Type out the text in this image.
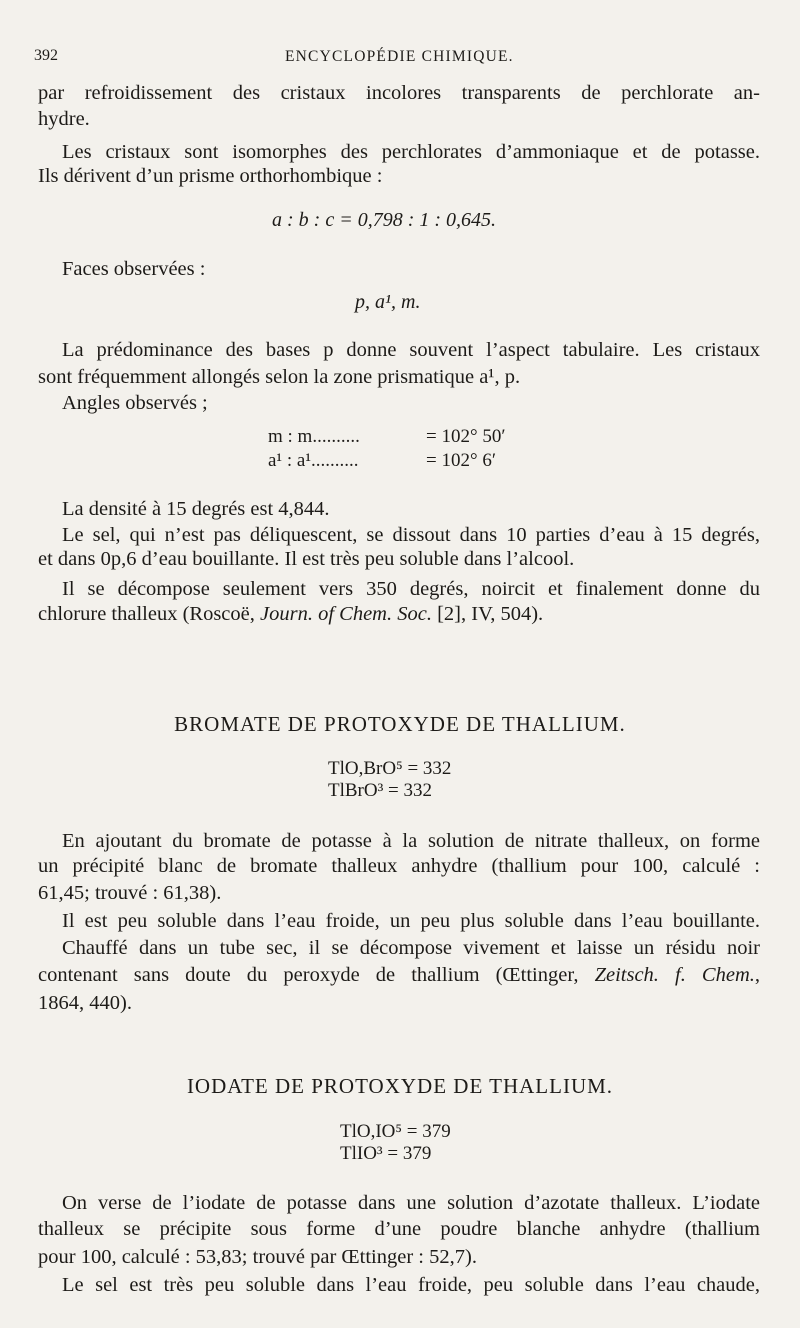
392	ENCYCLOPÉDIE CHIMIQUE.
par refroidissement des cristaux incolores transparents de perchlorate an-
hydre.
Les cristaux sont isomorphes des perchlorates d’ammoniaque et de potasse.
Ils dérivent d’un prisme orthorhombique :
a : b : c = 0,798 : 1 : 0,645.
Faces observées :
p, a¹, m.
La prédominance des bases p donne souvent l’aspect tabulaire. Les cristaux
sont fréquemment allongés selon la zone prismatique a¹, p.
Angles observés ;
m : m..........	= 102° 50′
a¹ : a¹..........	= 102° 6′
La densité à 15 degrés est 4,844.
Le sel, qui n’est pas déliquescent, se dissout dans 10 parties d’eau à 15 degrés,
et dans 0p,6 d’eau bouillante. Il est très peu soluble dans l’alcool.
Il se décompose seulement vers 350 degrés, noircit et finalement donne du
chlorure thalleux (Roscoë, Journ. of Chem. Soc. [2], IV, 504).
BROMATE DE PROTOXYDE DE THALLIUM.
TlO,BrO⁵ = 332
TlBrO³ = 332
En ajoutant du bromate de potasse à la solution de nitrate thalleux, on forme
un précipité blanc de bromate thalleux anhydre (thallium pour 100, calculé :
61,45; trouvé : 61,38).
Il est peu soluble dans l’eau froide, un peu plus soluble dans l’eau bouillante.
Chauffé dans un tube sec, il se décompose vivement et laisse un résidu noir
contenant sans doute du peroxyde de thallium (Œttinger, Zeitsch. f. Chem.,
1864, 440).
IODATE DE PROTOXYDE DE THALLIUM.
TlO,IO⁵ = 379
TlIO³ = 379
On verse de l’iodate de potasse dans une solution d’azotate thalleux. L’iodate
thalleux se précipite sous forme d’une poudre blanche anhydre (thallium
pour 100, calculé : 53,83; trouvé par Œttinger : 52,7).
Le sel est très peu soluble dans l’eau froide, peu soluble dans l’eau chaude,
